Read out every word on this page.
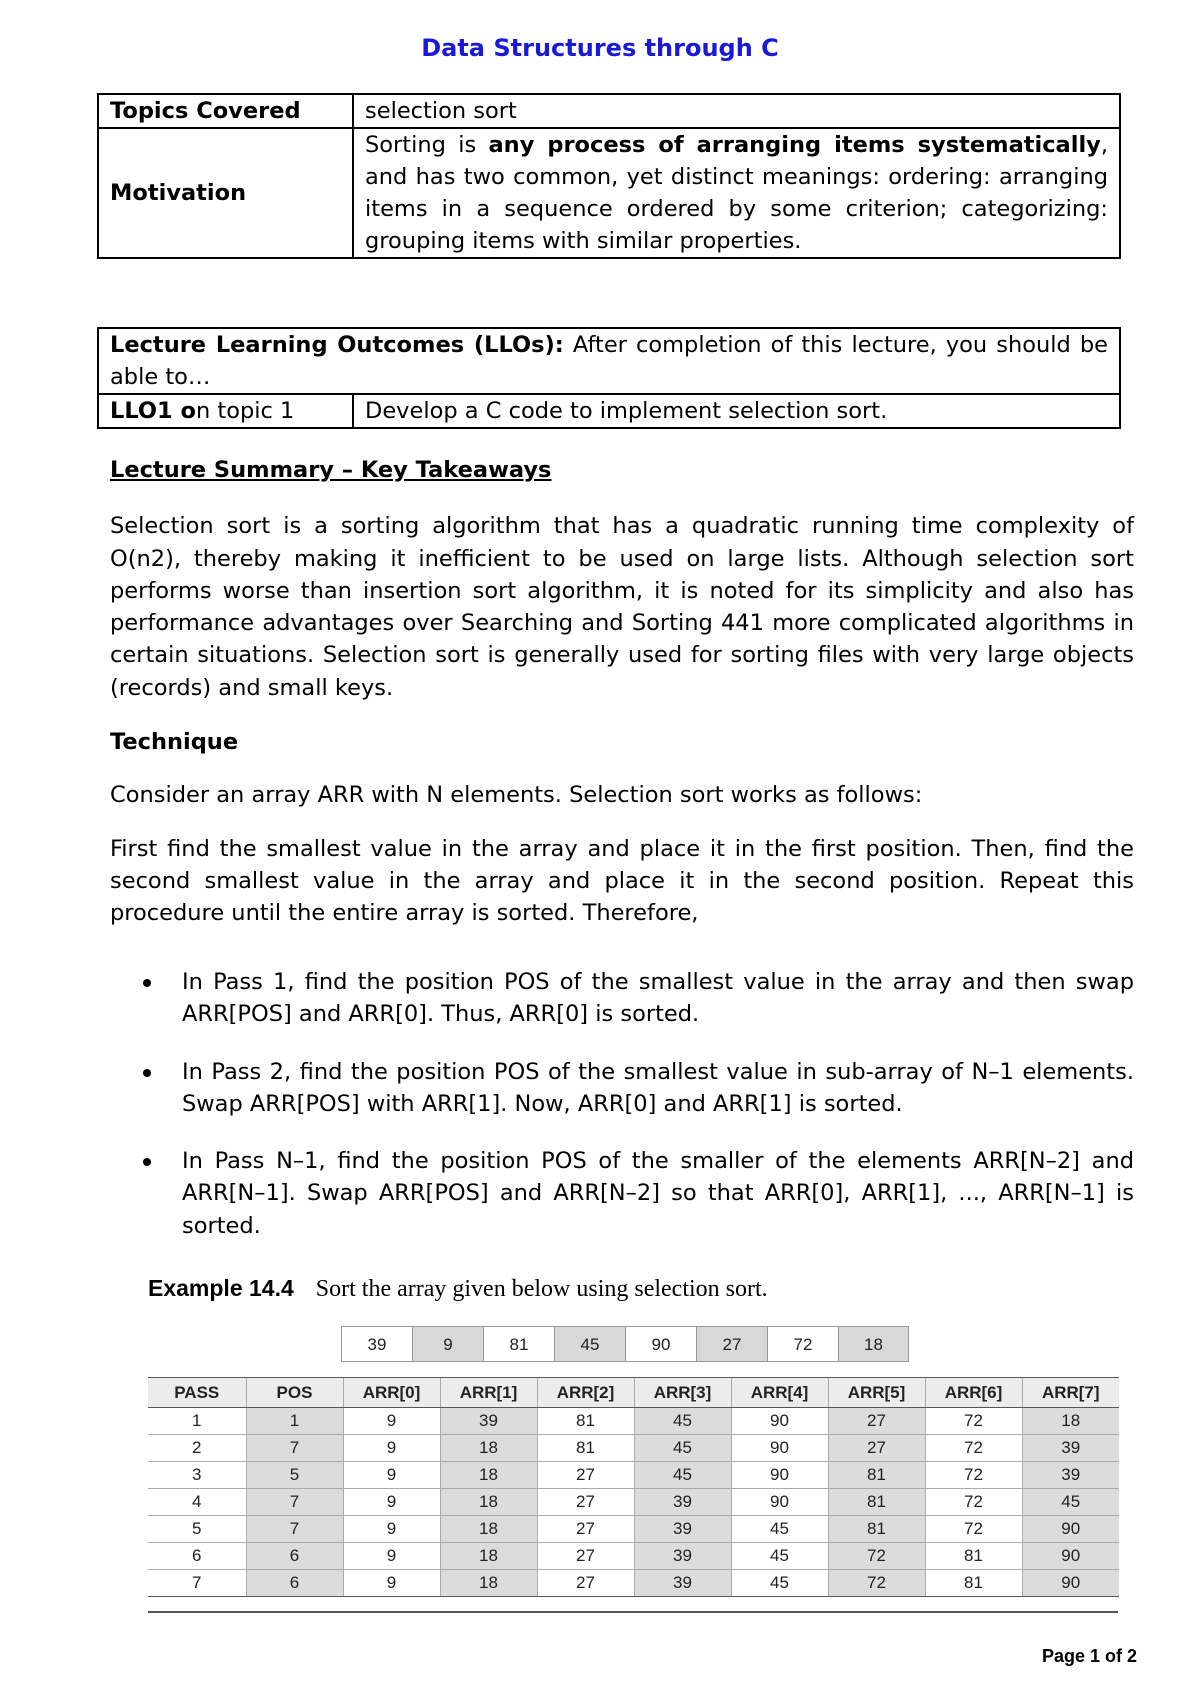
Data Structures through C
Topics Covered	selection sort
Motivation	Sorting is any process of arranging items systematically, and has two common, yet distinct meanings: ordering: arranging items in a sequence ordered by some criterion; categorizing: grouping items with similar properties.
Lecture Learning Outcomes (LLOs): After completion of this lecture, you should be able to…
LLO1 on topic 1	Develop a C code to implement selection sort.
Lecture Summary – Key Takeaways
Selection sort is a sorting algorithm that has a quadratic running time complexity of O(n2), thereby making it inefficient to be used on large lists. Although selection sort performs worse than insertion sort algorithm, it is noted for its simplicity and also has performance advantages over Searching and Sorting 441 more complicated algorithms in certain situations. Selection sort is generally used for sorting files with very large objects (records) and small keys.
Technique
Consider an array ARR with N elements. Selection sort works as follows:
First find the smallest value in the array and place it in the first position. Then, find the second smallest value in the array and place it in the second position. Repeat this procedure until the entire array is sorted. Therefore,
In Pass 1, find the position POS of the smallest value in the array and then swap ARR[POS] and ARR[0]. Thus, ARR[0] is sorted.
In Pass 2, find the position POS of the smallest value in sub-array of N–1 elements. Swap ARR[POS] with ARR[1]. Now, ARR[0] and ARR[1] is sorted.
In Pass N–1, find the position POS of the smaller of the elements ARR[N–2] and ARR[N–1]. Swap ARR[POS] and ARR[N–2] so that ARR[0], ARR[1], ..., ARR[N–1] is sorted.
Example 14.4 Sort the array given below using selection sort.
39	9	81	45	90	27	72	18
PASS	POS	ARR[0]	ARR[1]	ARR[2]	ARR[3]	ARR[4]	ARR[5]	ARR[6]	ARR[7]
1	1	9	39	81	45	90	27	72	18
2	7	9	18	81	45	90	27	72	39
3	5	9	18	27	45	90	81	72	39
4	7	9	18	27	39	90	81	72	45
5	7	9	18	27	39	45	81	72	90
6	6	9	18	27	39	45	72	81	90
7	6	9	18	27	39	45	72	81	90
Page 1 of 2
